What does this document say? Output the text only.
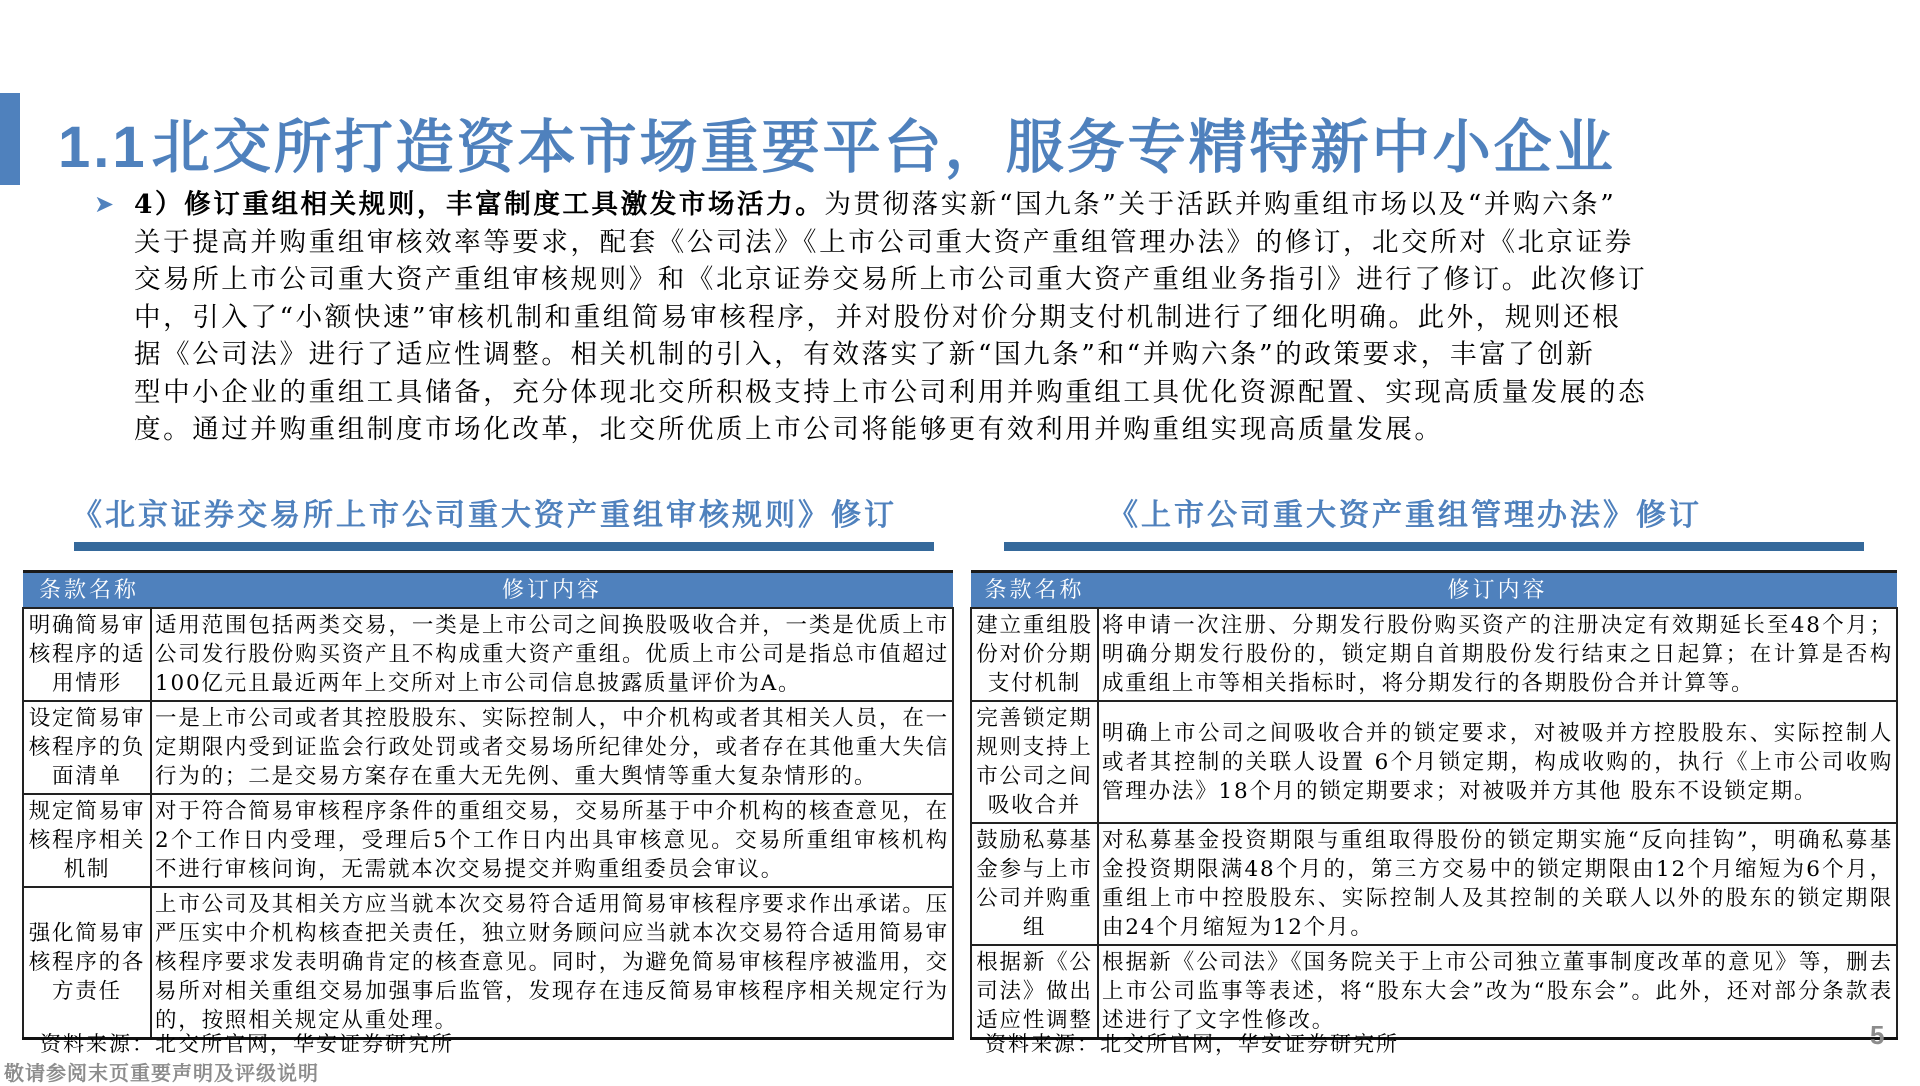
1.1北交所打造资本市场重要平台，服务专精特新中小企业
➤ 4）修订重组相关规则，丰富制度工具激发市场活力。为贯彻落实新“国九条”关于活跃并购重组市场以及“并购六条”
关于提高并购重组审核效率等要求，配套《公司法》《上市公司重大资产重组管理办法》的修订，北交所对《北京证券
交易所上市公司重大资产重组审核规则》和《北京证券交易所上市公司重大资产重组业务指引》进行了修订。此次修订
中，引入了“小额快速”审核机制和重组简易审核程序，并对股份对价分期支付机制进行了细化明确。此外，规则还根
据《公司法》进行了适应性调整。相关机制的引入，有效落实了新“国九条”和“并购六条”的政策要求，丰富了创新
型中小企业的重组工具储备，充分体现北交所积极支持上市公司利用并购重组工具优化资源配置、实现高质量发展的态
度。通过并购重组制度市场化改革，北交所优质上市公司将能够更有效利用并购重组实现高质量发展。

《北京证券交易所上市公司重大资产重组审核规则》修订	《上市公司重大资产重组管理办法》修订
条款名称	修订内容
明确简易审核程序的适用情形	适用范围包括两类交易，一类是上市公司之间换股吸收合并，一类是优质上市公司发行股份购买资产且不构成重大资产重组。优质上市公司是指总市值超过100亿元且最近两年上交所对上市公司信息披露质量评价为A。
设定简易审核程序的负面清单	一是上市公司或者其控股股东、实际控制人，中介机构或者其相关人员，在一定期限内受到证监会行政处罚或者交易场所纪律处分，或者存在其他重大失信行为的；二是交易方案存在重大无先例、重大舆情等重大复杂情形的。
规定简易审核程序相关机制	对于符合简易审核程序条件的重组交易，交易所基于中介机构的核查意见，在2个工作日内受理，受理后5个工作日内出具审核意见。交易所重组审核机构不进行审核问询，无需就本次交易提交并购重组委员会审议。
强化简易审核程序的各方责任	上市公司及其相关方应当就本次交易符合适用简易审核程序要求作出承诺。压严压实中介机构核查把关责任，独立财务顾问应当就本次交易符合适用简易审核程序要求发表明确肯定的核查意见。同时，为避免简易审核程序被滥用，交易所对相关重组交易加强事后监管，发现存在违反简易审核程序相关规定行为的，按照相关规定从重处理。
条款名称	修订内容
建立重组股份对价分期支付机制	将申请一次注册、分期发行股份购买资产的注册决定有效期延长至48个月；明确分期发行股份的，锁定期自首期股份发行结束之日起算；在计算是否构成重组上市等相关指标时，将分期发行的各期股份合并计算等。
完善锁定期规则支持上市公司之间吸收合并	明确上市公司之间吸收合并的锁定要求，对被吸并方控股股东、实际控制人或者其控制的关联人设置 6个月锁定期，构成收购的，执行《上市公司收购管理办法》18个月的锁定期要求；对被吸并方其他 股东不设锁定期。
鼓励私募基金参与上市公司并购重组	对私募基金投资期限与重组取得股份的锁定期实施“反向挂钩”，明确私募基金投资期限满48个月的，第三方交易中的锁定期限由12个月缩短为6个月，重组上市中控股股东、实际控制人及其控制的关联人以外的股东的锁定期限由24个月缩短为12个月。
根据新《公司法》做出适应性调整	根据新《公司法》《国务院关于上市公司独立董事制度改革的意见》等，删去上市公司监事等表述，将“股东大会”改为“股东会”。此外，还对部分条款表述进行了文字性修改。
资料来源：北交所官网，华安证券研究所	资料来源：北交所官网，华安证券研究所	5
敬请参阅末页重要声明及评级说明
